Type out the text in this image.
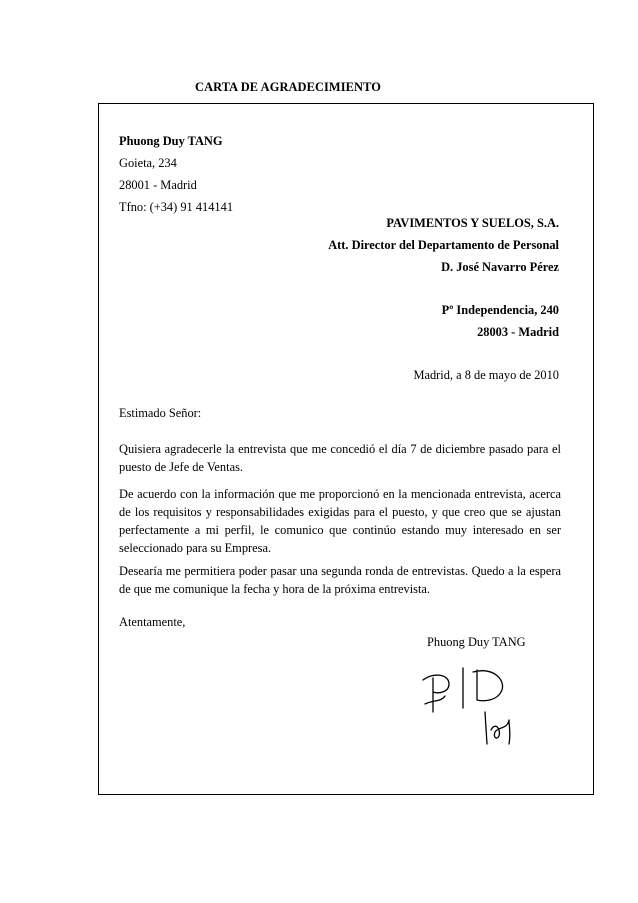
CARTA DE AGRADECIMIENTO
Phuong Duy TANG
Goieta, 234
28001 - Madrid
Tfno: (+34) 91 414141
PAVIMENTOS Y SUELOS, S.A.
Att. Director del Departamento de Personal
D. José Navarro Pérez
Pº Independencia, 240
28003 - Madrid
Madrid, a 8 de mayo de 2010
Estimado Señor:

Quisiera agradecerle la entrevista que me concedió el día 7 de diciembre pasado para el puesto de Jefe de Ventas.

De acuerdo con la información que me proporcionó en la mencionada entrevista, acerca de los requisitos y responsabilidades exigidas para el puesto, y que creo que se ajustan perfectamente a mi perfil, le comunico que continúo estando muy interesado en ser seleccionado para su Empresa.

Desearía me permitiera poder pasar una segunda ronda de entrevistas. Quedo a la espera de que me comunique la fecha y hora de la próxima entrevista.

Atentamente,
Phuong Duy TANG
